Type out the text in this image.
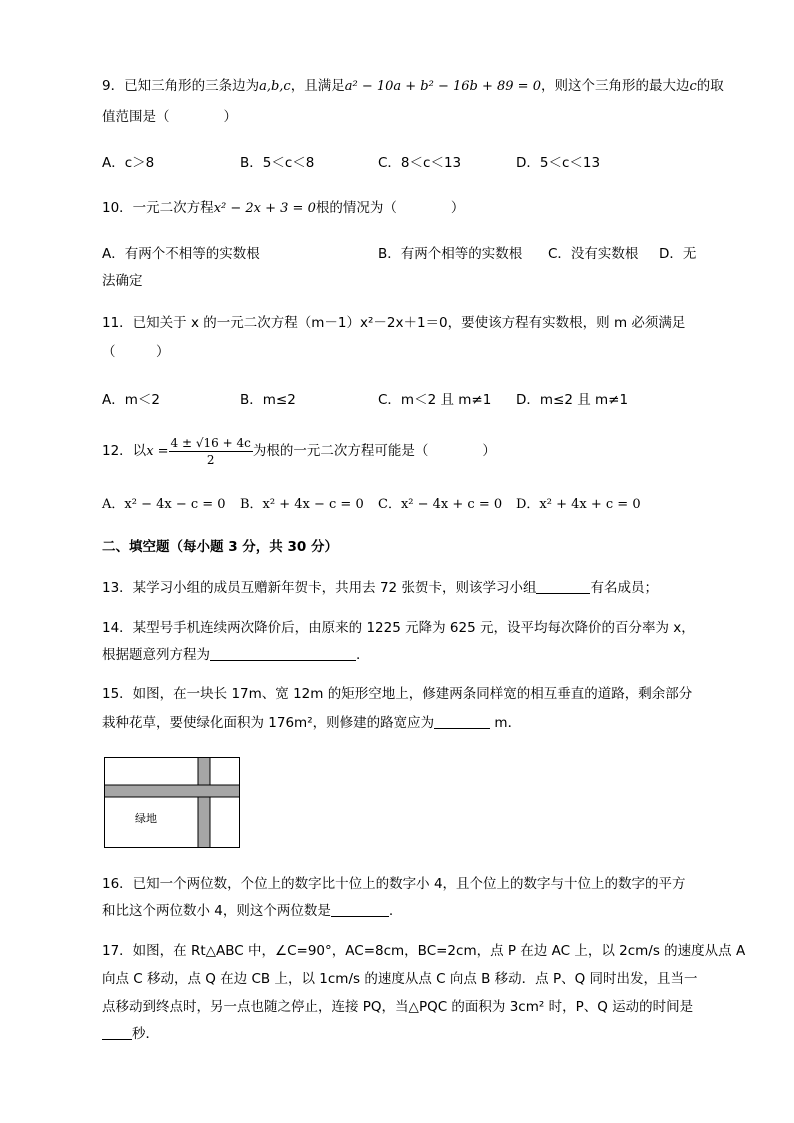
9．已知三角形的三条边为a,b,c，且满足a² − 10a + b² − 16b + 89 = 0，则这个三角形的最大边c的取
值范围是（　　　　）
A．c＞8	B．5＜c＜8	C．8＜c＜13	D．5＜c＜13
10．一元二次方程x² − 2x + 3 = 0根的情况为（　　　　）
A．有两个不相等的实数根	B．有两个相等的实数根 C．没有实数根 D．无
法确定
11．已知关于 x 的一元二次方程（m－1）x²－2x＋1＝0，要使该方程有实数根，则 m 必须满足
（　　　）
A．m＜2	B．m≤2	C．m＜2 且 m≠1 D．m≤2 且 m≠1
12．以$x = \frac{4 \pm √16 + 4c}{2}$ 为根的一元二次方程可能是（　　　　）
A．x² − 4x − c = 0 B．x² + 4x − c = 0 C．x² − 4x + c = 0 D．x² + 4x + c = 0
二、填空题（每小题 3 分，共 30 分）
13．某学习小组的成员互赠新年贺卡，共用去 72 张贺卡，则该学习小组	有名成员；
14．某型号手机连续两次降价后，由原来的 1225 元降为 625 元，设平均每次降价的百分率为 x，
根据题意列方程为	.
15．如图，在一块长 17m、宽 12m 的矩形空地上，修建两条同样宽的相互垂直的道路，剩余部分
栽种花草，要使绿化面积为 176m²，则修建的路宽应为	m．
绿地
16．已知一个两位数，个位上的数字比十位上的数字小 4，且个位上的数字与十位上的数字的平方
和比这个两位数小 4，则这个两位数是	.
17．如图，在 Rt△ABC 中，∠C=90°，AC=8cm，BC=2cm，点 P 在边 AC 上，以 2cm/s 的速度从点 A
向点 C 移动，点 Q 在边 CB 上，以 1cm/s 的速度从点 C 向点 B 移动．点 P、Q 同时出发，且当一
点移动到终点时，另一点也随之停止，连接 PQ，当△PQC 的面积为 3cm² 时，P、Q 运动的时间是
秒．
